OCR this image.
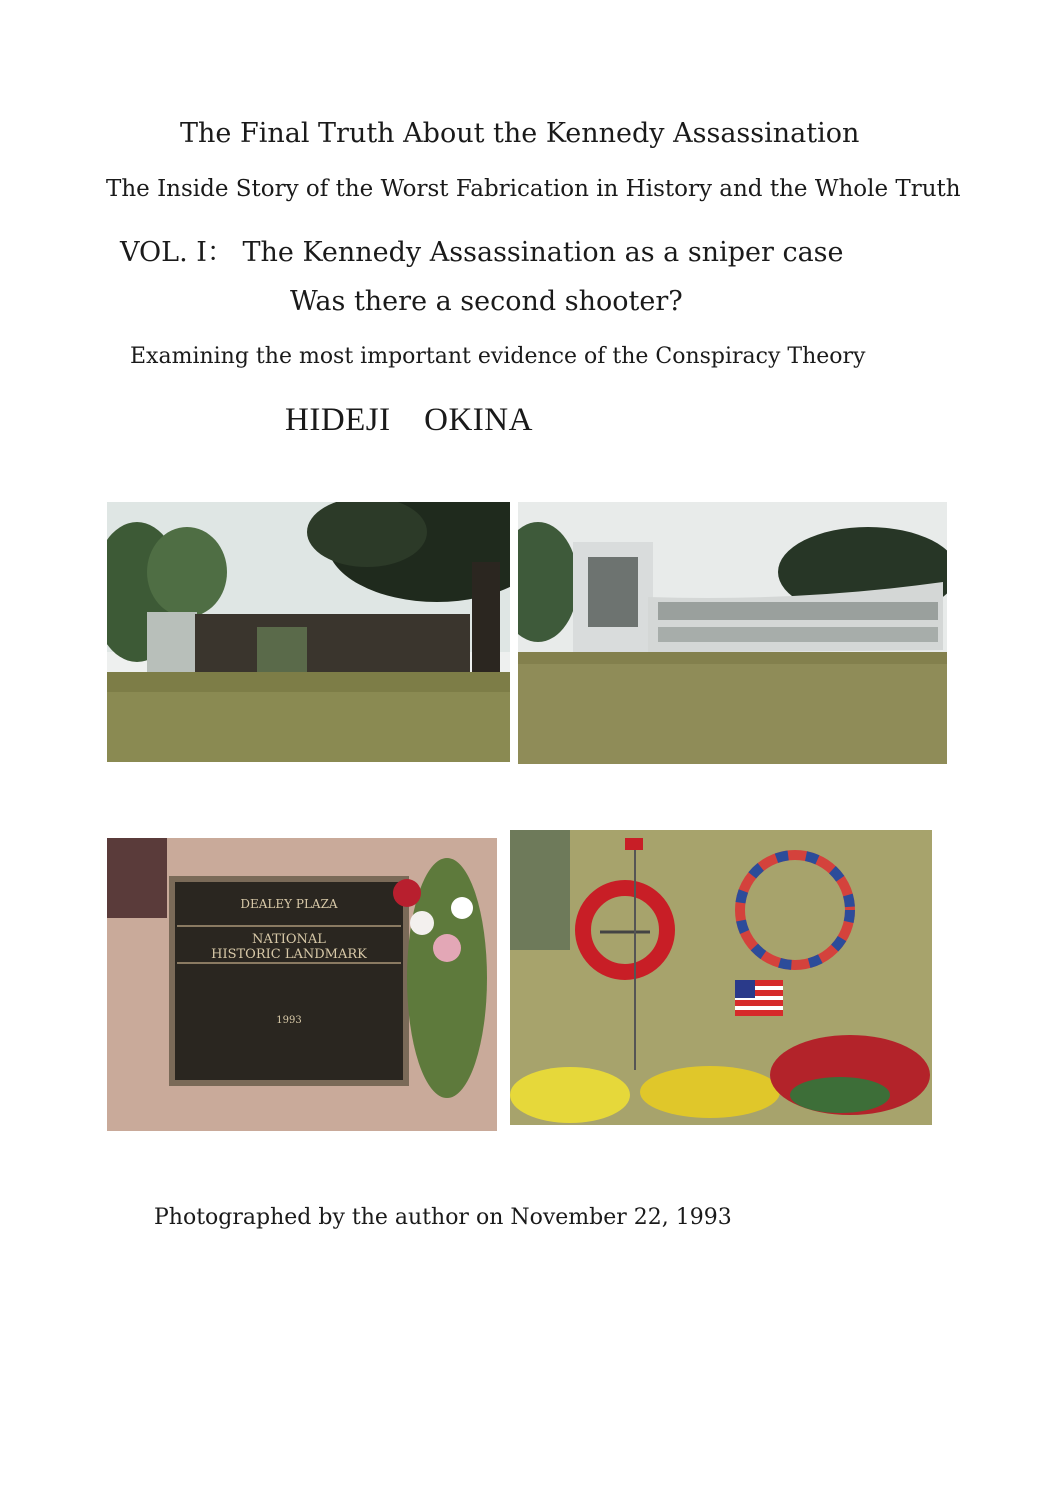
The Final Truth About the Kennedy Assassination
The Inside Story of the Worst Fabrication in History and the Whole Truth
VOL. I： The Kennedy Assassination as a sniper case
Was there a second shooter?
Examining the most important evidence of the Conspiracy Theory
HIDEJI　OKINA
DEALEY PLAZA
NATIONAL
HISTORIC LANDMARK
1993
Photographed by the author on November 22, 1993
